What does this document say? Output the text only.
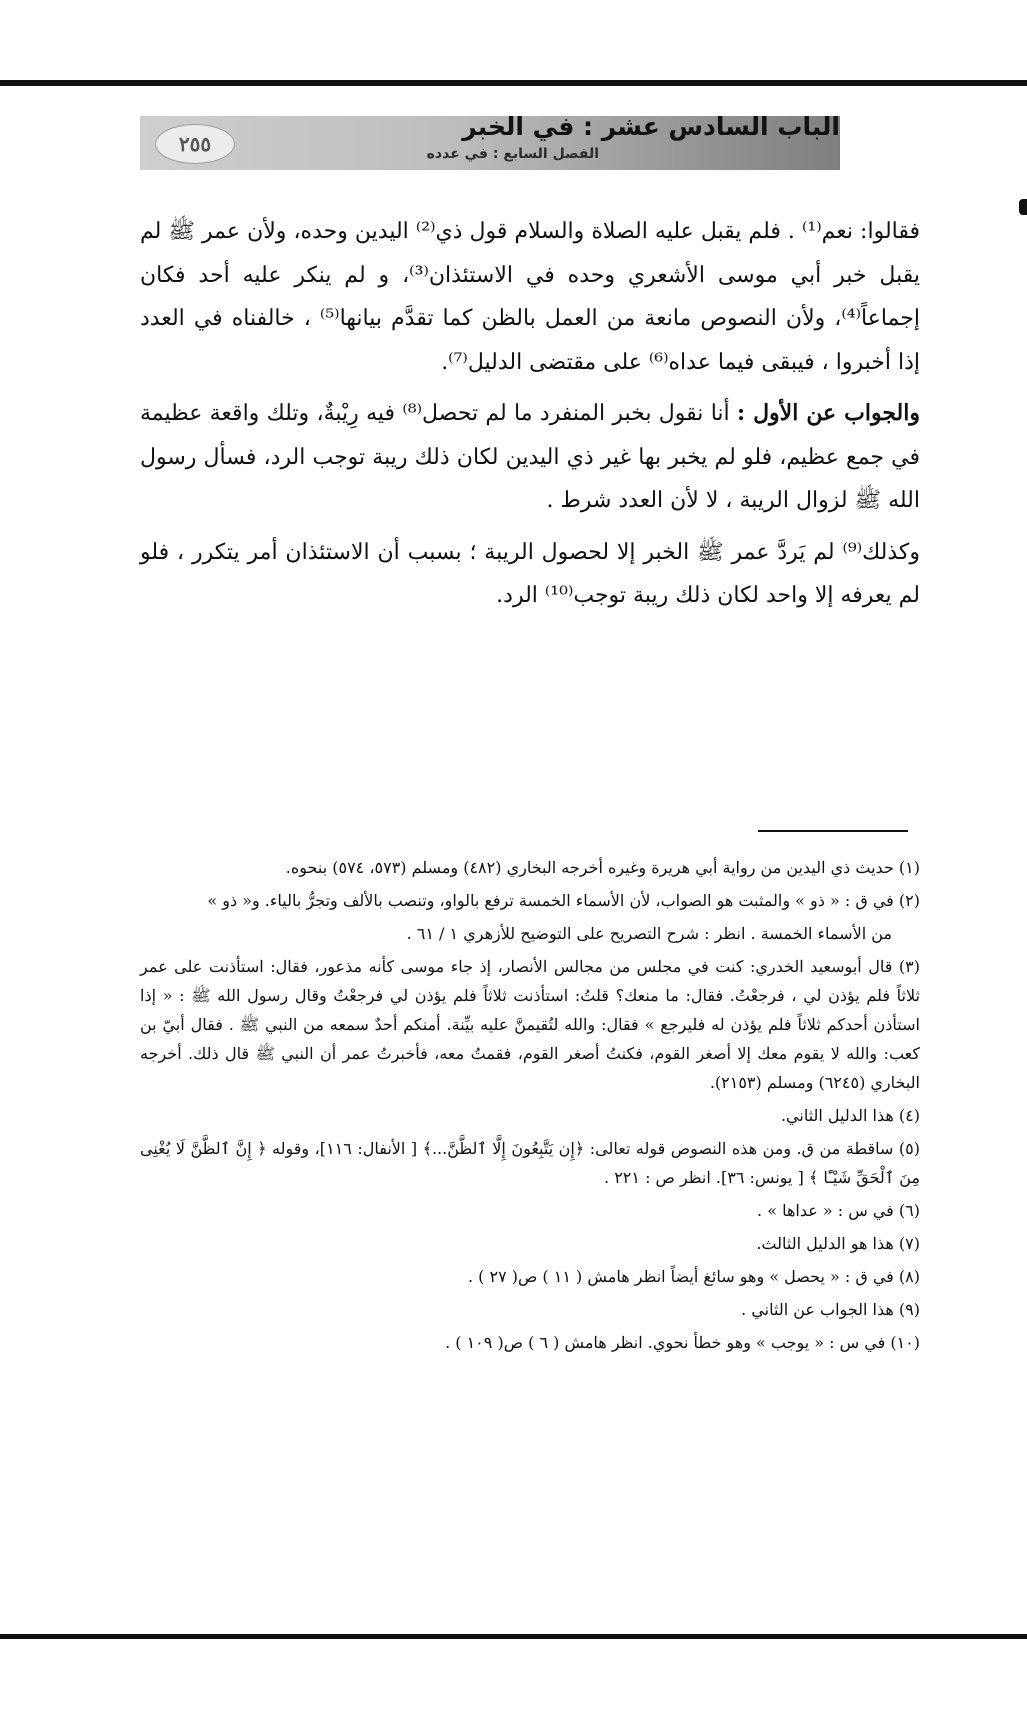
٢٥٥
الباب السادس عشر : في الخبر
الفصل السابع : في عدده

فقالوا: نعم⁽¹⁾ . فلم يقبل عليه الصلاة والسلام قول ذي⁽²⁾ اليدين وحده، ولأن عمر ﷺ لم يقبل خبر أبي موسى الأشعري وحده في الاستئذان⁽³⁾، و لم ينكر عليه أحد فكان إجماعاً⁽⁴⁾، ولأن النصوص مانعة من العمل بالظن كما تقدَّم بيانها⁽⁵⁾ ، خالفناه في العدد إذا أخبروا ، فيبقى فيما عداه⁽⁶⁾ على مقتضى الدليل⁽⁷⁾.

والجواب عن الأول : أنا نقول بخبر المنفرد ما لم تحصل⁽⁸⁾ فيه رِيْبةٌ، وتلك واقعة عظيمة في جمع عظيم، فلو لم يخبر بها غير ذي اليدين لكان ذلك ريبة توجب الرد، فسأل رسول الله ﷺ لزوال الريبة ، لا لأن العدد شرط .

وكذلك⁽⁹⁾ لم يَردَّ عمر ﷺ الخبر إلا لحصول الريبة ؛ بسبب أن الاستئذان أمر يتكرر ، فلو لم يعرفه إلا واحد لكان ذلك ريبة توجب⁽¹⁰⁾ الرد.

(١) حديث ذي اليدين من رواية أبي هريرة وغيره أخرجه البخاري (٤٨٢) ومسلم (٥٧٣، ٥٧٤) بنحوه.
(٢) في ق : « ذو » والمثبت هو الصواب، لأن الأسماء الخمسة ترفع بالواو، وتنصب بالألف وتجرُّ بالياء. و« ذو »
من الأسماء الخمسة . انظر : شرح التصريح على التوضيح للأزهري ١ / ٦١ .
(٣) قال أبوسعيد الخدري: كنت في مجلس من مجالس الأنصار، إذ جاء موسى كأنه مذعور، فقال: استأذنت على عمر ثلاثاً فلم يؤذن لي ، فرجعْتُ. فقال: ما منعك؟ قلتُ: استأذنت ثلاثاً فلم يؤذن لي فرجعْتُ وقال رسول الله ﷺ : « إذا استأذن أحدكم ثلاثاً فلم يؤذن له فليرجع » فقال: والله لتُقيمنَّ عليه بيِّنة. أمنكم أحدٌ سمعه من النبي ﷺ . فقال أبيّ بن كعب: والله لا يقوم معك إلا أصغر القوم، فكنتُ أصغر القوم، فقمتُ معه، فأخبرتُ عمر أن النبي ﷺ قال ذلك. أخرجه البخاري (٦٢٤٥) ومسلم (٢١٥٣).
(٤) هذا الدليل الثاني.
(٥) ساقطة من ق. ومن هذه النصوص قوله تعالى: ﴿إِن يَتَّبِعُونَ إِلَّا ٱلظَّنَّ...﴾ [ الأنفال: ١١٦]، وقوله ﴿ إِنَّ ٱلظَّنَّ لَا يُغْنِى مِنَ ٱلْحَقِّ شَيْـًٔا ﴾ [ يونس: ٣٦]. انظر ص : ٢٢١ .
(٦) في س : « عداها » .
(٧) هذا هو الدليل الثالث.
(٨) في ق : « يحصل » وهو سائغ أيضاً انظر هامش ( ١١ ) ص( ٢٧ ) .
(٩) هذا الجواب عن الثاني .
(١٠) في س : « يوجب » وهو خطأ نحوي. انظر هامش ( ٦ ) ص( ١٠٩ ) .
